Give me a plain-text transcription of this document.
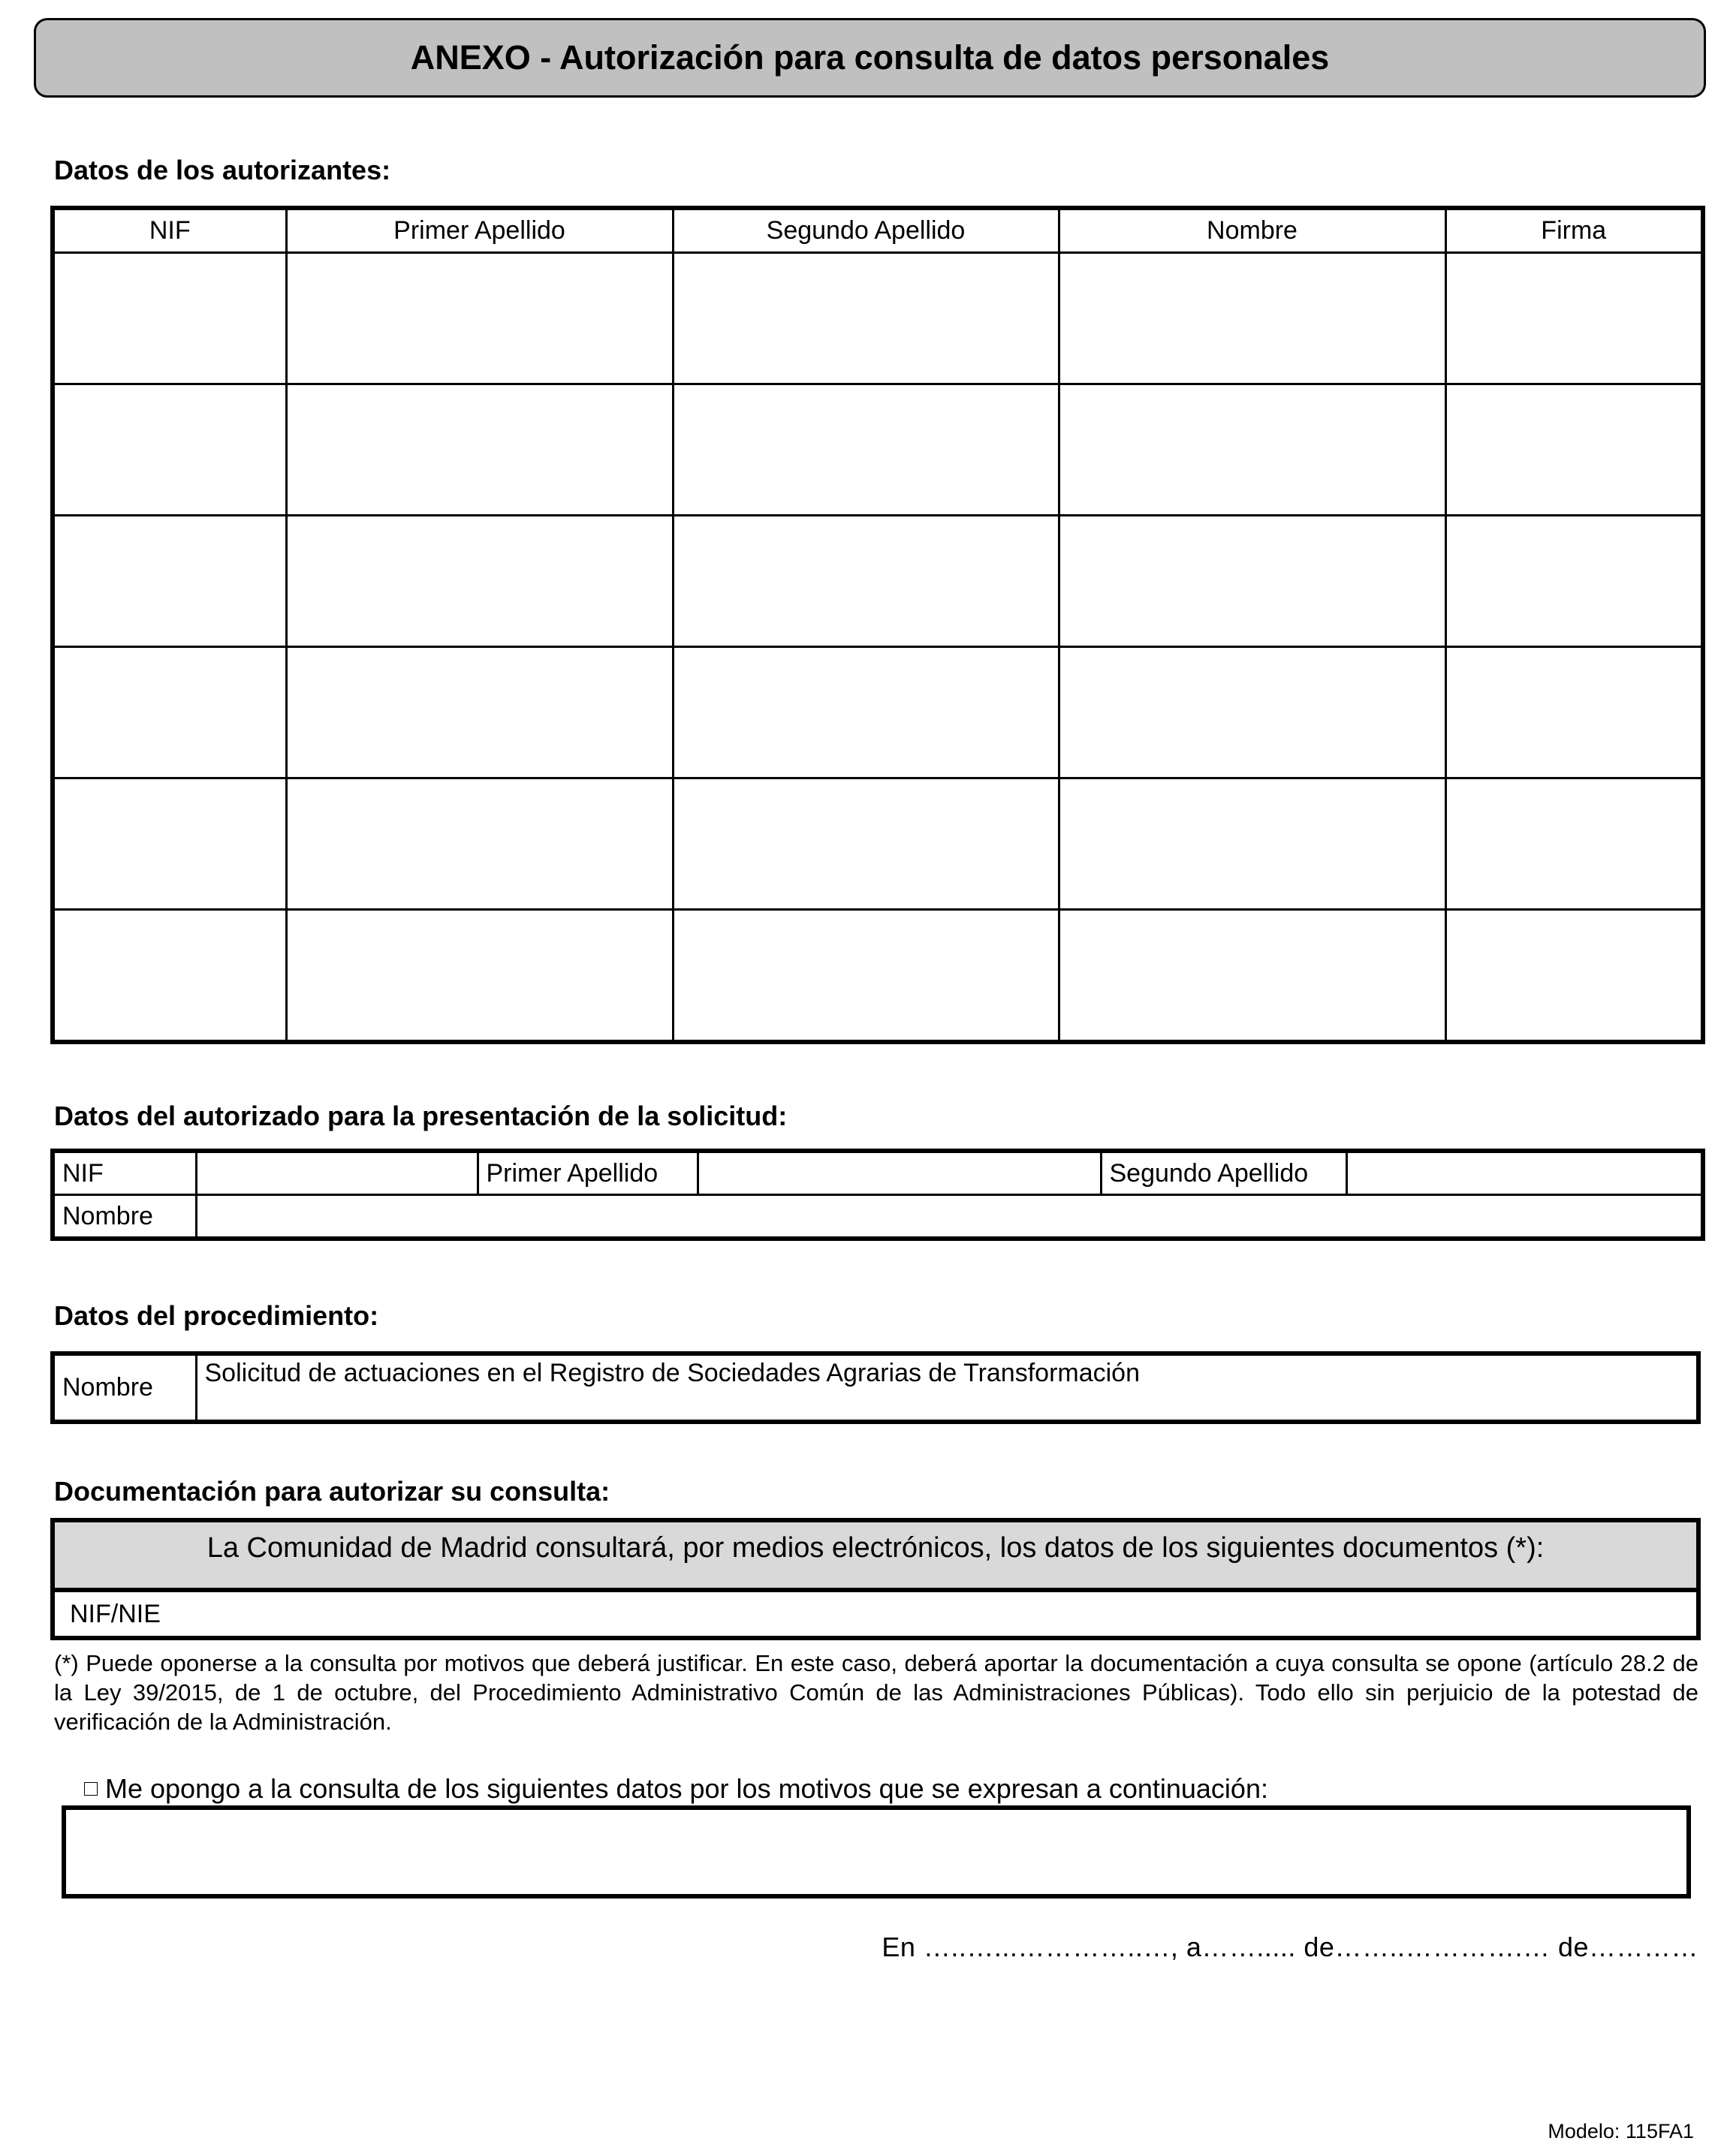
ANEXO - Autorización para consulta de datos personales
Datos de los autorizantes:
NIF	Primer Apellido	Segundo Apellido	Nombre	Firma

Datos del autorizado para la presentación de la solicitud:
NIF		Primer Apellido		Segundo Apellido	
Nombre					
Datos del procedimiento:
Nombre	Solicitud de actuaciones en el Registro de Sociedades Agrarias de Transformación
Documentación para autorizar su consulta:
La Comunidad de Madrid consultará, por medios electrónicos, los datos de los siguientes documentos (*):
NIF/NIE
(*) Puede oponerse a la consulta por motivos que deberá justificar. En este caso, deberá aportar la documentación a cuya consulta se opone (artículo 28.2 de la Ley 39/2015, de 1 de octubre, del Procedimiento Administrativo Común de las Administraciones Públicas). Todo ello sin perjuicio de la potestad de verificación de la Administración.
Me opongo a la consulta de los siguientes datos por los motivos que se expresan a continuación:
En …..…...…………..…, a……..... de……..………….… de…………
Modelo: 115FA1
